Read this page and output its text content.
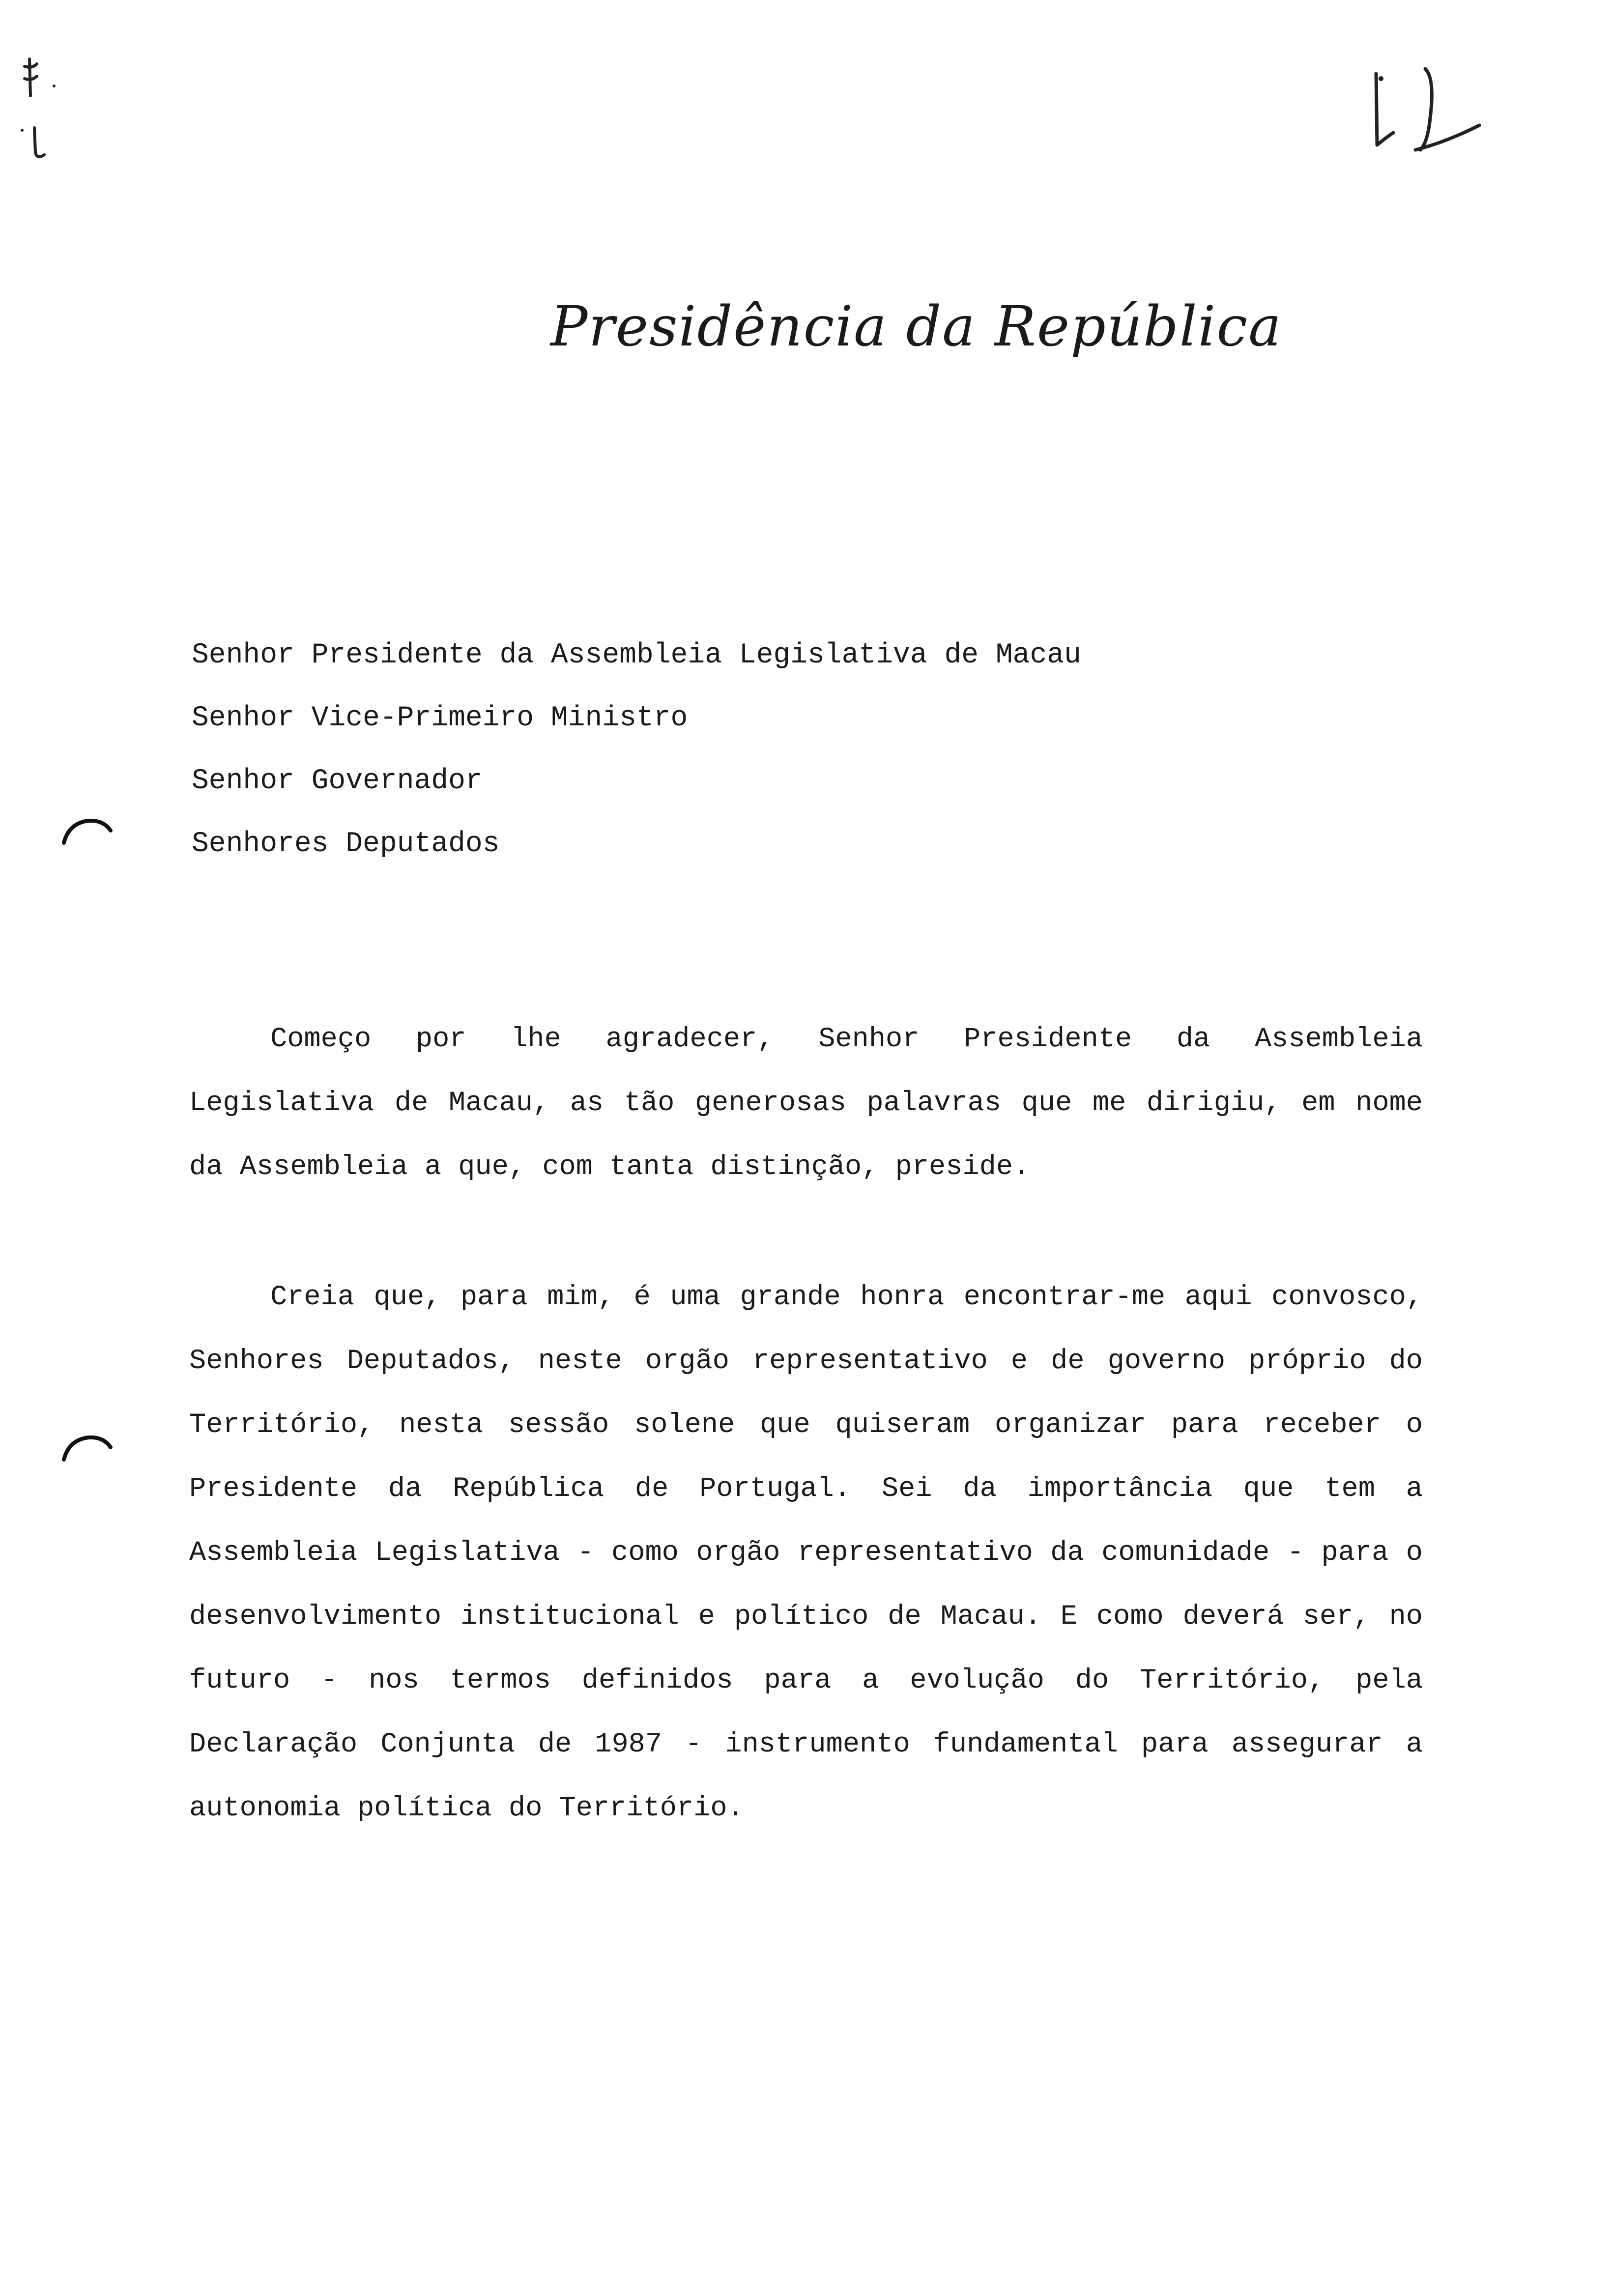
Presidência da República
Senhor Presidente da Assembleia Legislativa de Macau
Senhor Vice-Primeiro Ministro
Senhor Governador
Senhores Deputados
Começo por lhe agradecer, Senhor Presidente da Assembleia Legislativa de Macau, as tão generosas palavras que me dirigiu, em nome da Assembleia a que, com tanta distinção, preside.
Creia que, para mim, é uma grande honra encontrar-me aqui convosco, Senhores Deputados, neste orgão representativo e de governo próprio do Território, nesta sessão solene que quiseram organizar para receber o Presidente da República de Portugal. Sei da importância que tem a Assembleia Legislativa - como orgão representativo da comunidade - para o desenvolvimento institucional e político de Macau. E como deverá ser, no futuro - nos termos definidos para a evolução do Território, pela Declaração Conjunta de 1987 - instrumento fundamental para assegurar a autonomia política do Território.
